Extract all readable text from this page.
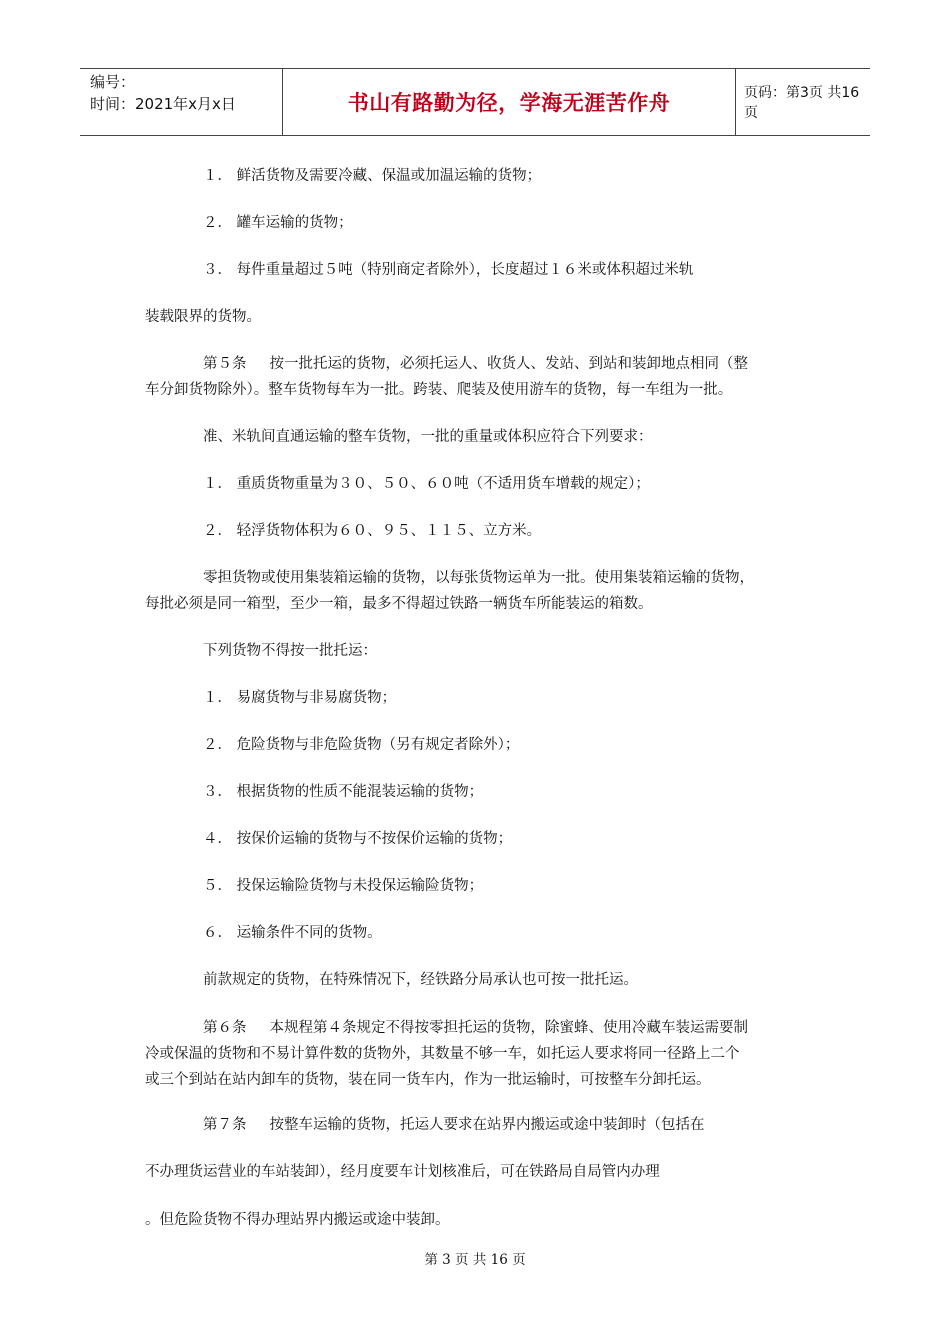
编号：
时间：2021年x月x日	书山有路勤为径，学海无涯苦作舟	页码：第3页 共16页
１． 鲜活货物及需要冷藏、保温或加温运输的货物；
２． 罐车运输的货物；
３． 每件重量超过５吨（特别商定者除外），长度超过１６米或体积超过米轨
装载限界的货物。
第５条     按一批托运的货物，必须托运人、收货人、发站、到站和装卸地点相同（整
车分卸货物除外）。整车货物每车为一批。跨装、爬装及使用游车的货物，每一车组为一批。
准、米轨间直通运输的整车货物，一批的重量或体积应符合下列要求：
１． 重质货物重量为３０、５０、６０吨（不适用货车增载的规定）；
２． 轻浮货物体积为６０、９５、１１５、立方米。
零担货物或使用集装箱运输的货物，以每张货物运单为一批。使用集装箱运输的货物，
每批必须是同一箱型，至少一箱，最多不得超过铁路一辆货车所能装运的箱数。
下列货物不得按一批托运：
１． 易腐货物与非易腐货物；
２． 危险货物与非危险货物（另有规定者除外）；
３． 根据货物的性质不能混装运输的货物；
４． 按保价运输的货物与不按保价运输的货物；
５． 投保运输险货物与未投保运输险货物；
６． 运输条件不同的货物。
前款规定的货物，在特殊情况下，经铁路分局承认也可按一批托运。
第６条     本规程第４条规定不得按零担托运的货物，除蜜蜂、使用冷藏车装运需要制
冷或保温的货物和不易计算件数的货物外，其数量不够一车，如托运人要求将同一径路上二个
或三个到站在站内卸车的货物，装在同一货车内，作为一批运输时，可按整车分卸托运。
第７条     按整车运输的货物，托运人要求在站界内搬运或途中装卸时（包括在
不办理货运营业的车站装卸），经月度要车计划核准后，可在铁路局自局管内办理
。但危险货物不得办理站界内搬运或途中装卸。
第 3 页 共 16 页
